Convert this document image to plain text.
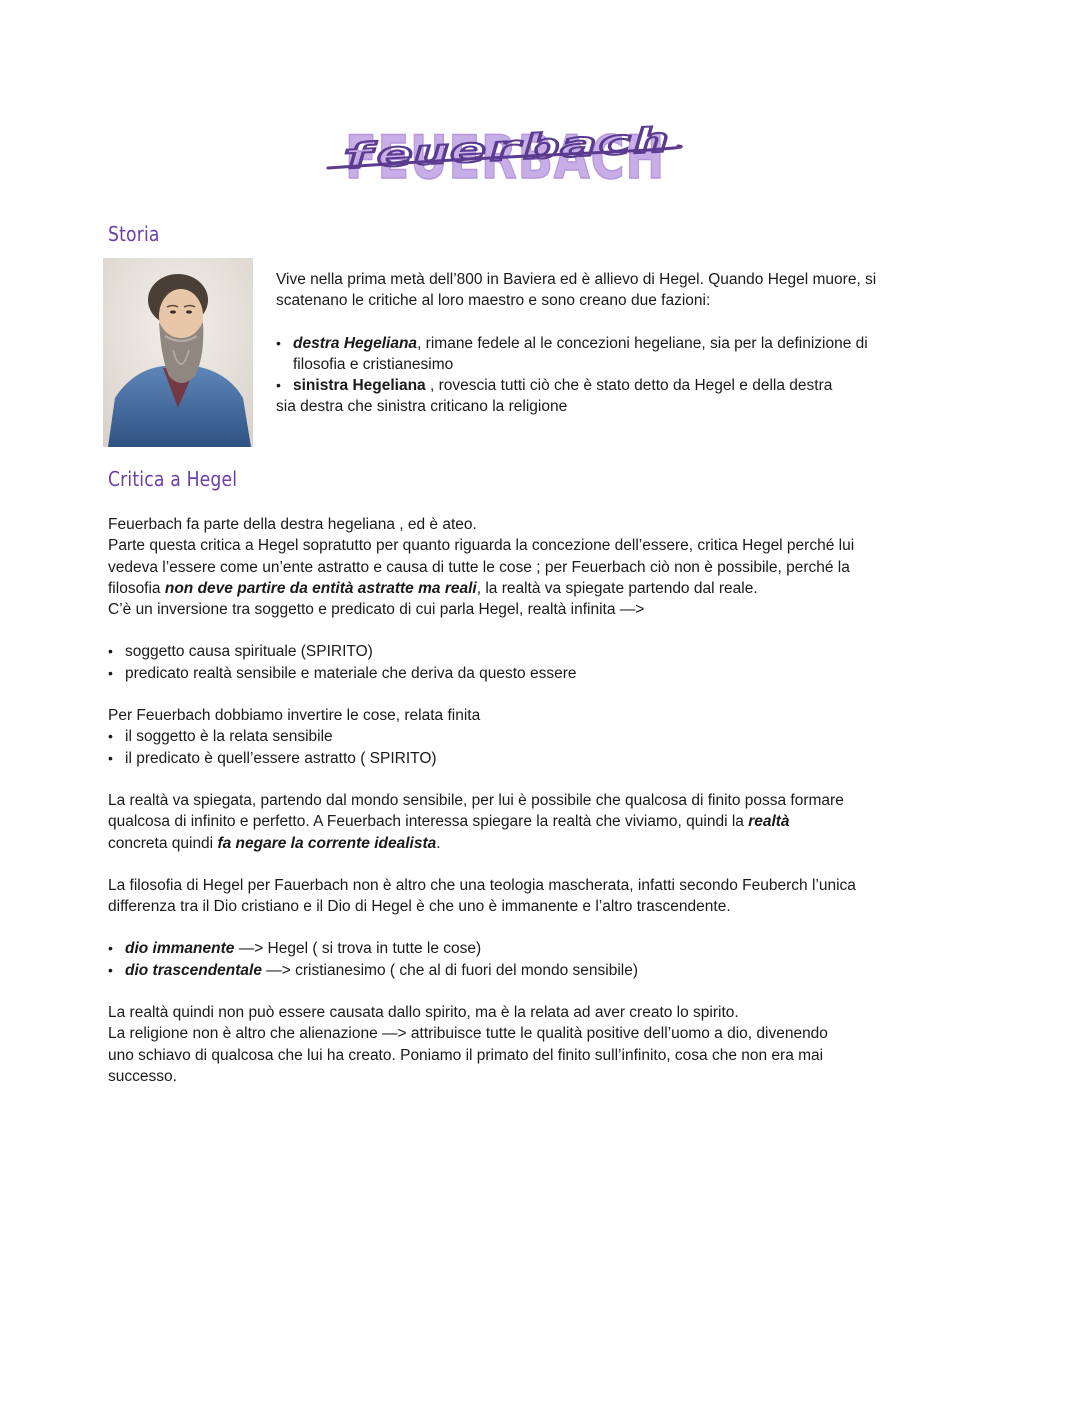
FEUERBACH
feuerbach
Storia

Vive nella prima metà dell’800 in Baviera ed è allievo di Hegel. Quando Hegel muore, si

scatenano le critiche al loro maestro e sono creano due fazioni:

• destra Hegeliana, rimane fedele al le concezioni hegeliane, sia per la definizione di
filosofia e cristianesimo
• sinistra Hegeliana , rovescia tutti ciò che è stato detto da Hegel e della destra

sia destra che sinistra criticano la religione

Critica a Hegel

Feuerbach fa parte della destra hegeliana , ed è ateo.

Parte questa critica a Hegel sopratutto per quanto riguarda la concezione dell’essere, critica Hegel perché lui

vedeva l’essere come un’ente astratto e causa di tutte le cose ; per Feuerbach ciò non è possibile, perché la

filosofia non deve partire da entità astratte ma reali, la realtà va spiegate partendo dal reale.

C’è un inversione tra soggetto e predicato di cui parla Hegel, realtà infinita —>

• soggetto causa spirituale (SPIRITO)
• predicato realtà sensibile e materiale che deriva da questo essere

Per Feuerbach dobbiamo invertire le cose, relata finita

• il soggetto è la relata sensibile
• il predicato è quell’essere astratto ( SPIRITO)

La realtà va spiegata, partendo dal mondo sensibile, per lui è possibile che qualcosa di finito possa formare

qualcosa di infinito e perfetto. A Feuerbach interessa spiegare la realtà che viviamo, quindi la realtà

concreta quindi fa negare la corrente idealista.

La filosofia di Hegel per Fauerbach non è altro che una teologia mascherata, infatti secondo Feuberch l’unica

differenza tra il Dio cristiano e il Dio di Hegel è che uno è immanente e l’altro trascendente.

• dio immanente —> Hegel ( si trova in tutte le cose)
• dio trascendentale —> cristianesimo ( che al di fuori del mondo sensibile)

La realtà quindi non può essere causata dallo spirito, ma è la relata ad aver creato lo spirito.

La religione non è altro che alienazione —> attribuisce tutte le qualità positive dell’uomo a dio, divenendo

uno schiavo di qualcosa che lui ha creato. Poniamo il primato del finito sull’infinito, cosa che non era mai

successo.
